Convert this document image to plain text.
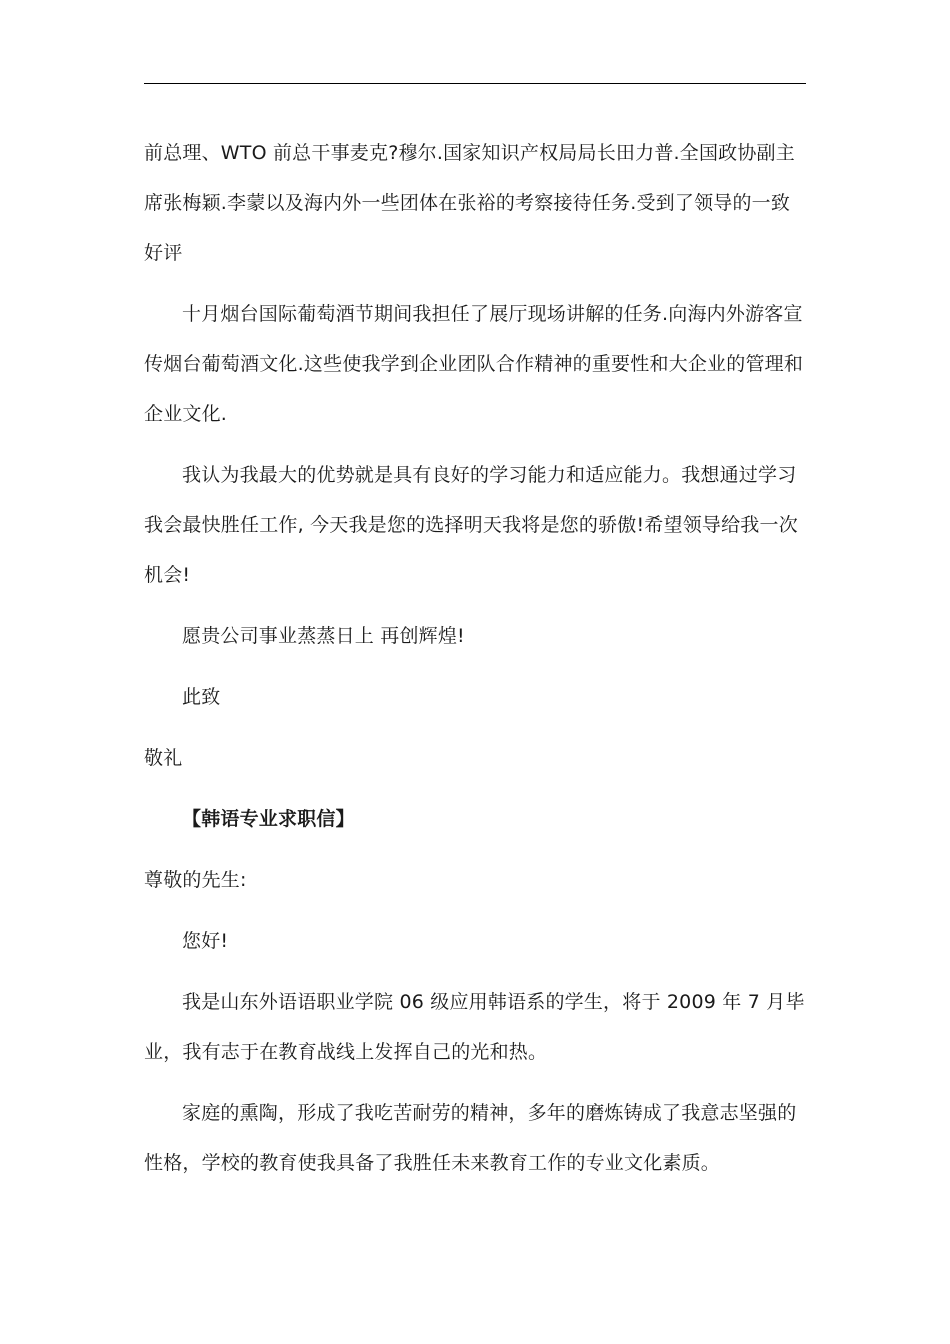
前总理、WTO 前总干事麦克?穆尔.国家知识产权局局长田力普.全国政协副主席张梅颖.李蒙以及海内外一些团体在张裕的考察接待任务.受到了领导的一致好评

十月烟台国际葡萄酒节期间我担任了展厅现场讲解的任务.向海内外游客宣传烟台葡萄酒文化.这些使我学到企业团队合作精神的重要性和大企业的管理和企业文化.

我认为我最大的优势就是具有良好的学习能力和适应能力。我想通过学习我会最快胜任工作, 今天我是您的选择明天我将是您的骄傲!希望领导给我一次机会!

愿贵公司事业蒸蒸日上 再创辉煌!

此致

敬礼

【韩语专业求职信】

尊敬的先生:

您好!

我是山东外语语职业学院 06 级应用韩语系的学生，将于 2009 年 7 月毕业，我有志于在教育战线上发挥自己的光和热。

家庭的熏陶，形成了我吃苦耐劳的精神，多年的磨炼铸成了我意志坚强的性格，学校的教育使我具备了我胜任未来教育工作的专业文化素质。
